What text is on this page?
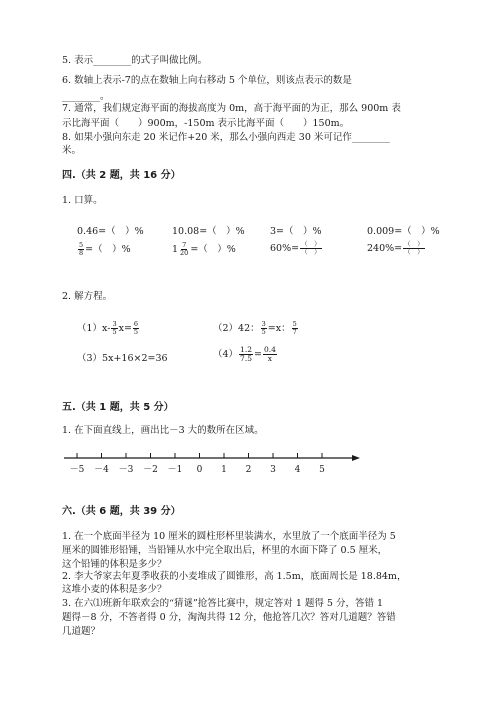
5. 表示________的式子叫做比例。
6. 数轴上表示-7的点在数轴上向右移动 5 个单位，则该点表示的数是
________。
7. 通常，我们规定海平面的海拔高度为 0m，高于海平面的为正，那么 900m 表
示比海平面（　　）900m，-150m 表示比海平面（　　）150m。
8. 如果小强向东走 20 米记作+20 米，那么小强向西走 30 米可记作________
米。
四.（共 2 题，共 16 分）
1. 口算。
0.46=（　）%	10.08=（　）%	3=（　）%	0.009=（　）%
$\frac{5}{8}$ =（　）%	$1 \frac{7}{20}$ =（　）%	$60\%= \frac{( )}{( )}$	$240\%= \frac{( )}{( )}$
2. 解方程。
$(1)x- \frac{3}{5} x= \frac{6}{5}$	（2）42： $\frac{3}{5} =x$： $\frac{5}{7}$
（3）5x+16×2=36	$(4) \frac{1.2}{7.5} = \frac{0.4}{x}$
五.（共 1 题，共 5 分）
1. 在下面直线上，画出比－3 大的数所在区域。
－5 －4 －3 －2 －1 0 1 2 3 4 5
六.（共 6 题，共 39 分）
1. 在一个底面半径为 10 厘米的圆柱形杯里装满水，水里放了一个底面半径为 5
厘米的圆锥形铅锤，当铅锤从水中完全取出后，杯里的水面下降了 0.5 厘米，
这个铅锤的体积是多少？
2. 李大爷家去年夏季收获的小麦堆成了圆锥形，高 1.5m，底面周长是 18.84m，
这堆小麦的体积是多少？
3. 在六⑴班新年联欢会的“猜谜”抢答比赛中，规定答对 1 题得 5 分，答错 1
题得－8 分，不答者得 0 分，淘淘共得 12 分，他抢答几次？答对几道题？答错
几道题？
